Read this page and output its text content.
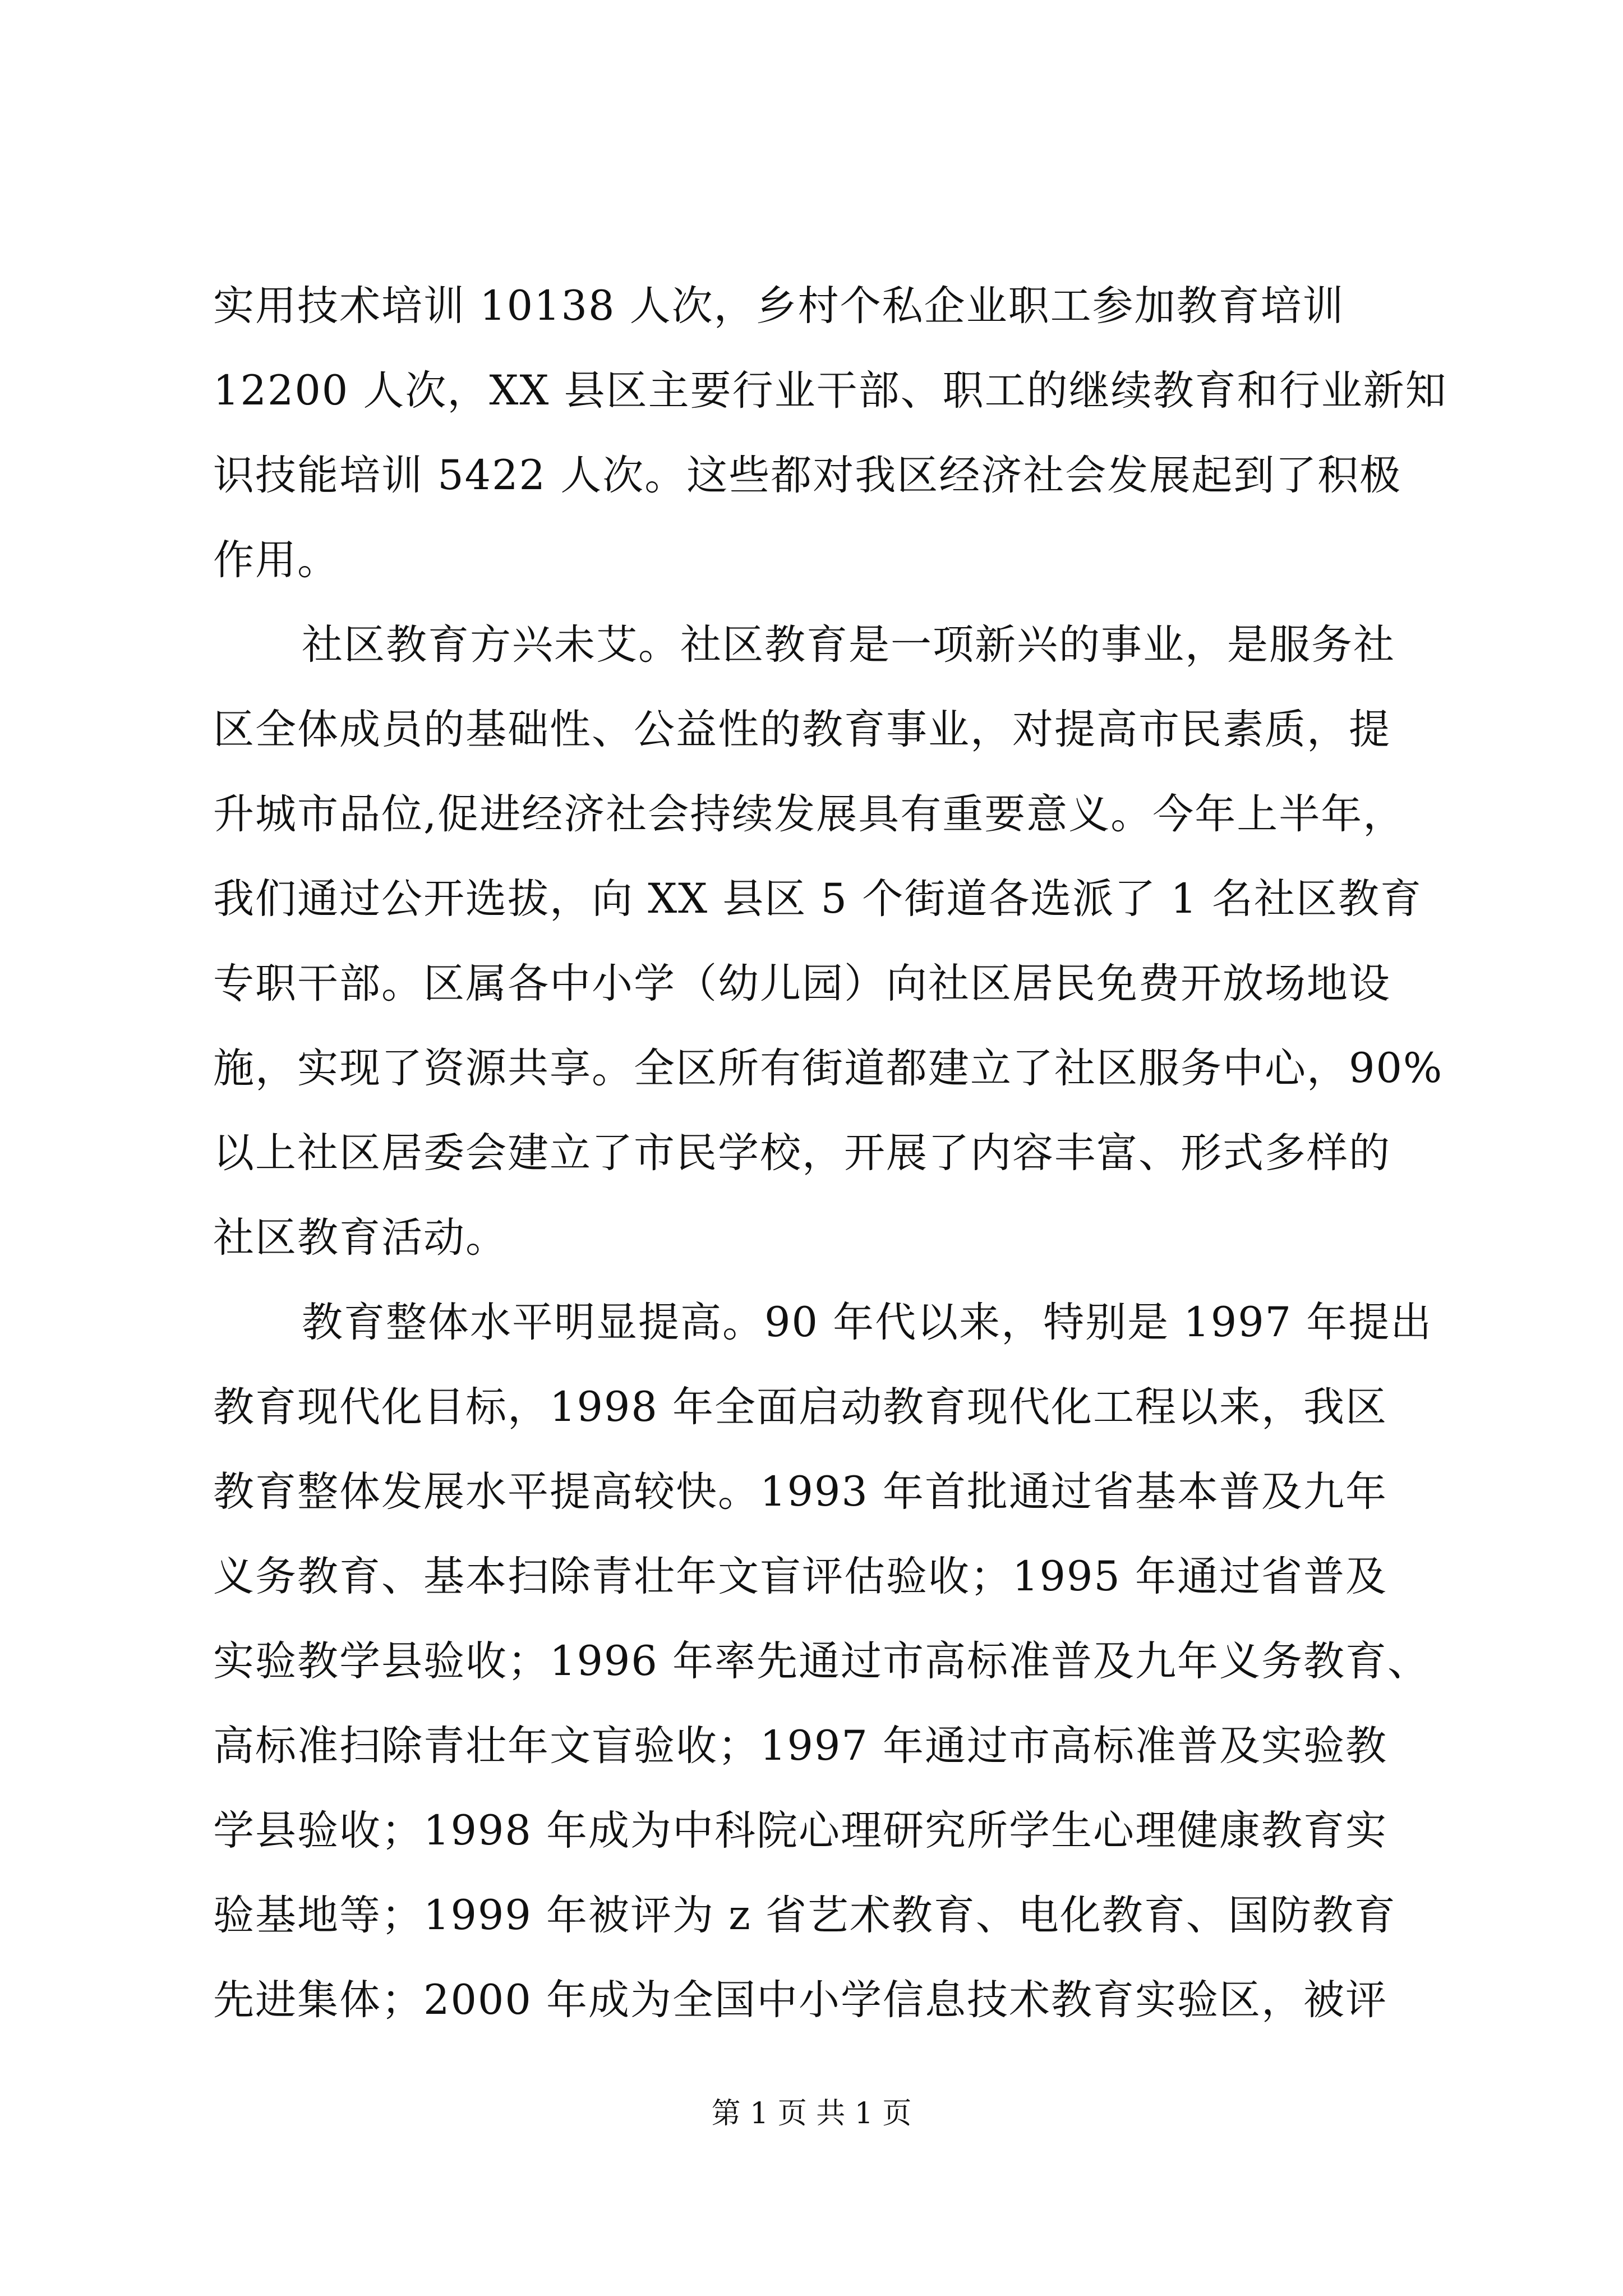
实用技术培训 10138 人次，乡村个私企业职工参加教育培训
12200 人次，XX 县区主要行业干部、职工的继续教育和行业新知
识技能培训 5422 人次。这些都对我区经济社会发展起到了积极
作用。
社区教育方兴未艾。社区教育是一项新兴的事业，是服务社
区全体成员的基础性、公益性的教育事业，对提高市民素质，提
升城市品位,促进经济社会持续发展具有重要意义。今年上半年，
我们通过公开选拔，向 XX 县区 5 个街道各选派了 1 名社区教育
专职干部。区属各中小学（幼儿园）向社区居民免费开放场地设
施，实现了资源共享。全区所有街道都建立了社区服务中心，90%
以上社区居委会建立了市民学校，开展了内容丰富、形式多样的
社区教育活动。
教育整体水平明显提高。90 年代以来，特别是 1997 年提出
教育现代化目标，1998 年全面启动教育现代化工程以来，我区
教育整体发展水平提高较快。1993 年首批通过省基本普及九年
义务教育、基本扫除青壮年文盲评估验收；1995 年通过省普及
实验教学县验收；1996 年率先通过市高标准普及九年义务教育、
高标准扫除青壮年文盲验收；1997 年通过市高标准普及实验教
学县验收；1998 年成为中科院心理研究所学生心理健康教育实
验基地等；1999 年被评为 z 省艺术教育、电化教育、国防教育
先进集体；2000 年成为全国中小学信息技术教育实验区，被评
第 1 页 共 1 页
